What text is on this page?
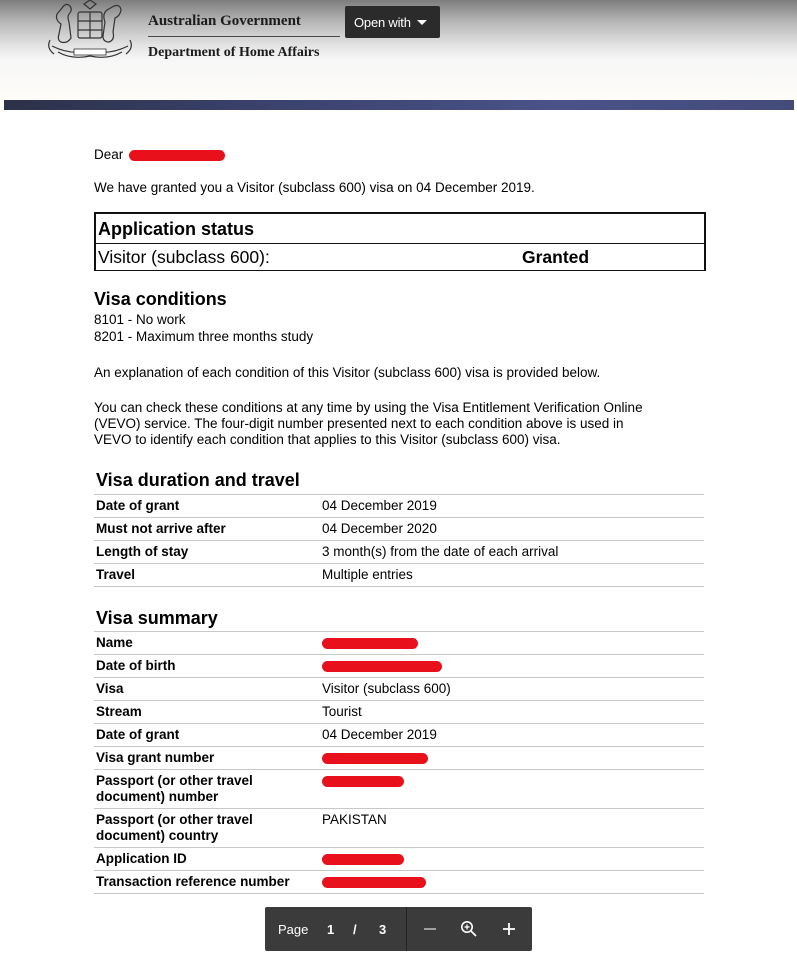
Australian Government
Department of Home Affairs
Open with
Dear
We have granted you a Visitor (subclass 600) visa on 04 December 2019.
Application status
Visitor (subclass 600):	Granted
Visa conditions
8101 - No work
8201 - Maximum three months study
An explanation of each condition of this Visitor (subclass 600) visa is provided below.
You can check these conditions at any time by using the Visa Entitlement Verification Online
(VEVO) service. The four-digit number presented next to each condition above is used in
VEVO to identify each condition that applies to this Visitor (subclass 600) visa.
Visa duration and travel
Date of grant	04 December 2019
Must not arrive after	04 December 2020
Length of stay	3 month(s) from the date of each arrival
Travel	Multiple entries
Visa summary
Name	
Date of birth	
Visa	Visitor (subclass 600)
Stream	Tourist
Date of grant	04 December 2019
Visa grant number	
Passport (or other travel document) number	
Passport (or other travel document) country	PAKISTAN
Application ID	
Transaction reference number	
Page 1 / 3
